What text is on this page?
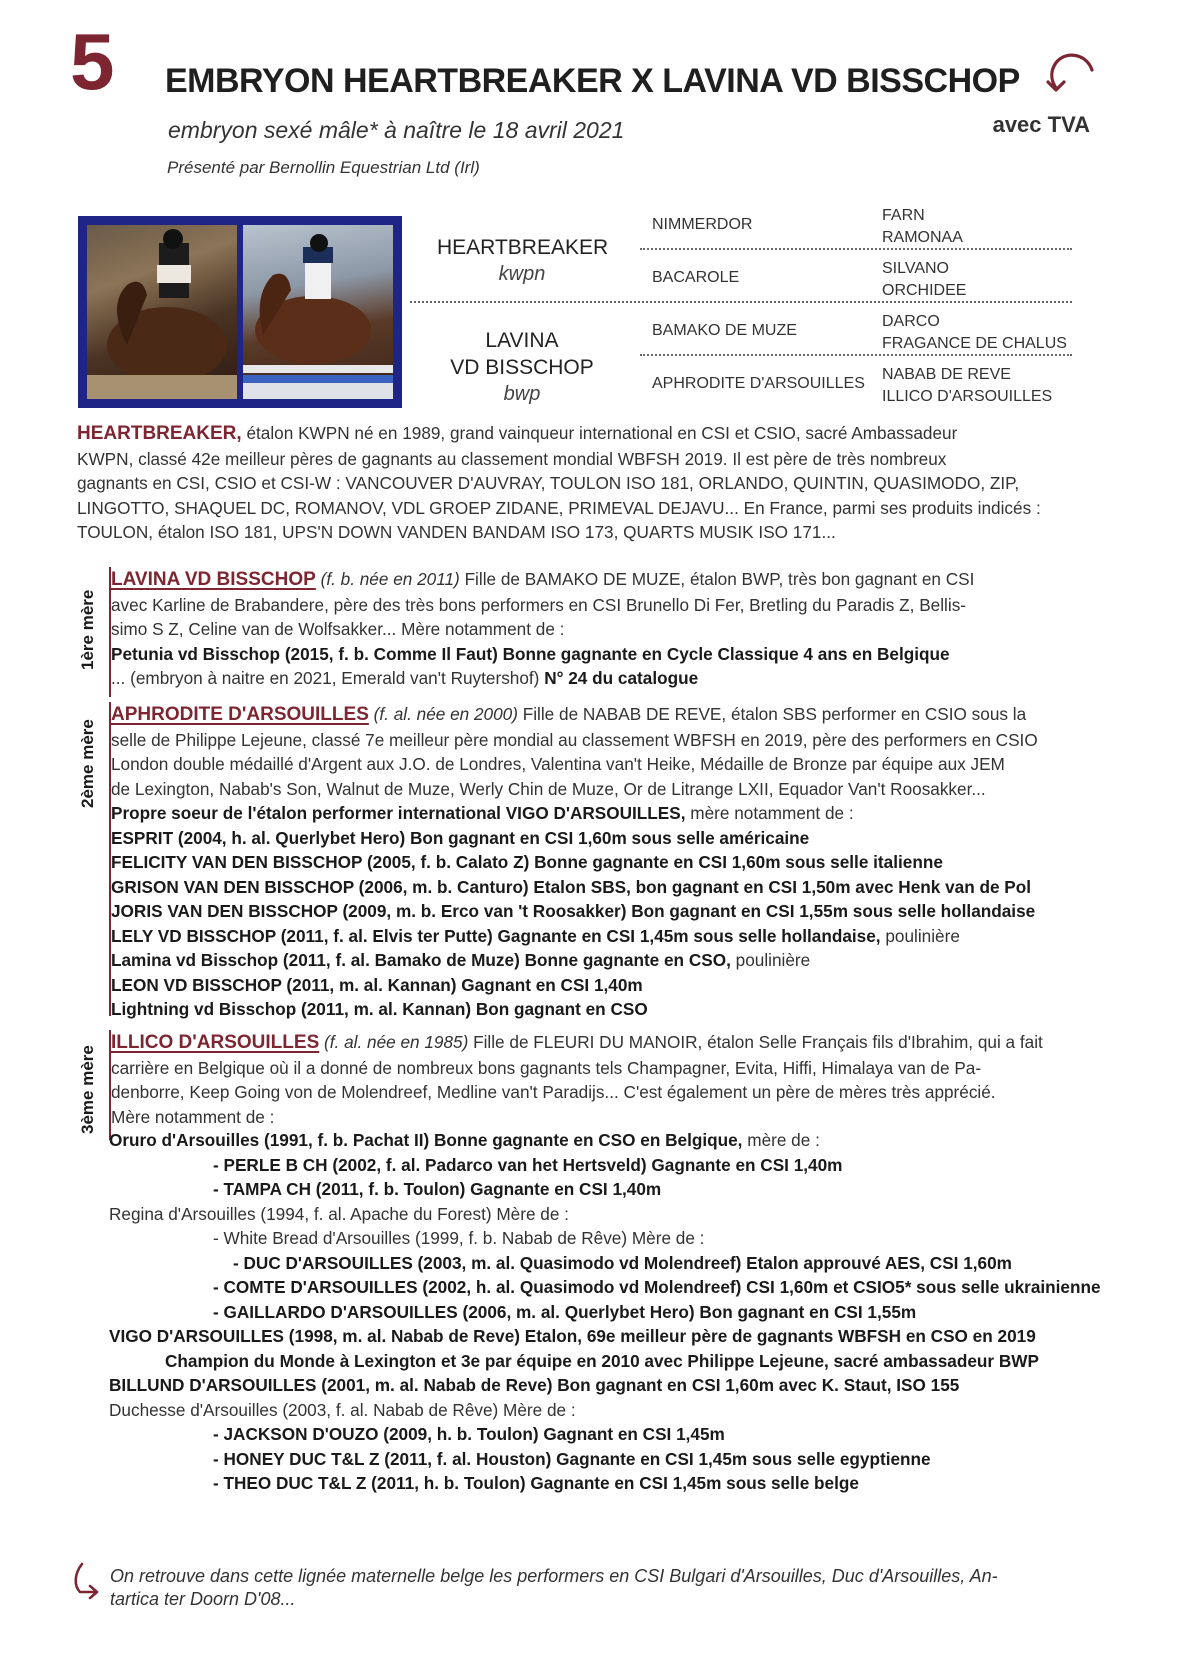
5 EMBRYON HEARTBREAKER X LAVINA VD BISSCHOP
embryon sexé mâle* à naître le 18 avril 2021	avec TVA
Présenté par Bernollin Equestrian Ltd (Irl)
HEARTBREAKER
kwpn
LAVINA
VD BISSCHOP
bwp
NIMMERDOR
BACAROLE
BAMAKO DE MUZE
APHRODITE D'ARSOUILLES
FARN
RAMONAA
SILVANO
ORCHIDEE
DARCO
FRAGANCE DE CHALUS
NABAB DE REVE
ILLICO D'ARSOUILLES
HEARTBREAKER, étalon KWPN né en 1989, grand vainqueur international en CSI et CSIO, sacré Ambassadeur
KWPN, classé 42e meilleur pères de gagnants au classement mondial WBFSH 2019. Il est père de très nombreux
gagnants en CSI, CSIO et CSI-W : VANCOUVER D'AUVRAY, TOULON ISO 181, ORLANDO, QUINTIN, QUASIMODO, ZIP,
LINGOTTO, SHAQUEL DC, ROMANOV, VDL GROEP ZIDANE, PRIMEVAL DEJAVU... En France, parmi ses produits indicés :
TOULON, étalon ISO 181, UPS'N DOWN VANDEN BANDAM ISO 173, QUARTS MUSIK ISO 171...
1ère mère
LAVINA VD BISSCHOP (f. b. née en 2011) Fille de BAMAKO DE MUZE, étalon BWP, très bon gagnant en CSI
avec Karline de Brabandere, père des très bons performers en CSI Brunello Di Fer, Bretling du Paradis Z, Bellis-
simo S Z, Celine van de Wolfsakker... Mère notamment de :
Petunia vd Bisschop (2015, f. b. Comme Il Faut) Bonne gagnante en Cycle Classique 4 ans en Belgique
... (embryon à naitre en 2021, Emerald van't Ruytershof) N° 24 du catalogue
2ème mère
APHRODITE D'ARSOUILLES (f. al. née en 2000) Fille de NABAB DE REVE, étalon SBS performer en CSIO sous la
selle de Philippe Lejeune, classé 7e meilleur père mondial au classement WBFSH en 2019, père des performers en CSIO
London double médaillé d'Argent aux J.O. de Londres, Valentina van't Heike, Médaille de Bronze par équipe aux JEM
de Lexington, Nabab's Son, Walnut de Muze, Werly Chin de Muze, Or de Litrange LXII, Equador Van't Roosakker...
Propre soeur de l'étalon performer international VIGO D'ARSOUILLES, mère notamment de :
ESPRIT (2004, h. al. Querlybet Hero) Bon gagnant en CSI 1,60m sous selle américaine
FELICITY VAN DEN BISSCHOP (2005, f. b. Calato Z) Bonne gagnante en CSI 1,60m sous selle italienne
GRISON VAN DEN BISSCHOP (2006, m. b. Canturo) Etalon SBS, bon gagnant en CSI 1,50m avec Henk van de Pol
JORIS VAN DEN BISSCHOP (2009, m. b. Erco van 't Roosakker) Bon gagnant en CSI 1,55m sous selle hollandaise
LELY VD BISSCHOP (2011, f. al. Elvis ter Putte) Gagnante en CSI 1,45m sous selle hollandaise, poulinière
Lamina vd Bisschop (2011, f. al. Bamako de Muze) Bonne gagnante en CSO, poulinière
LEON VD BISSCHOP (2011, m. al. Kannan) Gagnant en CSI 1,40m
Lightning vd Bisschop (2011, m. al. Kannan) Bon gagnant en CSO
3ème mère
ILLICO D'ARSOUILLES (f. al. née en 1985) Fille de FLEURI DU MANOIR, étalon Selle Français fils d'Ibrahim, qui a fait
carrière en Belgique où il a donné de nombreux bons gagnants tels Champagner, Evita, Hiffi, Himalaya van de Pa-
denborre, Keep Going von de Molendreef, Medline van't Paradijs... C'est également un père de mères très apprécié.
Mère notamment de :
Oruro d'Arsouilles (1991, f. b. Pachat II) Bonne gagnante en CSO en Belgique, mère de :
- PERLE B CH (2002, f. al. Padarco van het Hertsveld) Gagnante en CSI 1,40m
- TAMPA CH (2011, f. b. Toulon) Gagnante en CSI 1,40m
Regina d'Arsouilles (1994, f. al. Apache du Forest) Mère de :
- White Bread d'Arsouilles (1999, f. b. Nabab de Rêve) Mère de :
- DUC D'ARSOUILLES (2003, m. al. Quasimodo vd Molendreef) Etalon approuvé AES, CSI 1,60m
- COMTE D'ARSOUILLES (2002, h. al. Quasimodo vd Molendreef) CSI 1,60m et CSIO5* sous selle ukrainienne
- GAILLARDO D'ARSOUILLES (2006, m. al. Querlybet Hero) Bon gagnant en CSI 1,55m
VIGO D'ARSOUILLES (1998, m. al. Nabab de Reve) Etalon, 69e meilleur père de gagnants WBFSH en CSO en 2019
Champion du Monde à Lexington et 3e par équipe en 2010 avec Philippe Lejeune, sacré ambassadeur BWP
BILLUND D'ARSOUILLES (2001, m. al. Nabab de Reve) Bon gagnant en CSI 1,60m avec K. Staut, ISO 155
Duchesse d'Arsouilles (2003, f. al. Nabab de Rêve) Mère de :
- JACKSON D'OUZO (2009, h. b. Toulon) Gagnant en CSI 1,45m
- HONEY DUC T&L Z (2011, f. al. Houston) Gagnante en CSI 1,45m sous selle egyptienne
- THEO DUC T&L Z (2011, h. b. Toulon) Gagnante en CSI 1,45m sous selle belge
On retrouve dans cette lignée maternelle belge les performers en CSI Bulgari d'Arsouilles, Duc d'Arsouilles, An-
tartica ter Doorn D'08...
